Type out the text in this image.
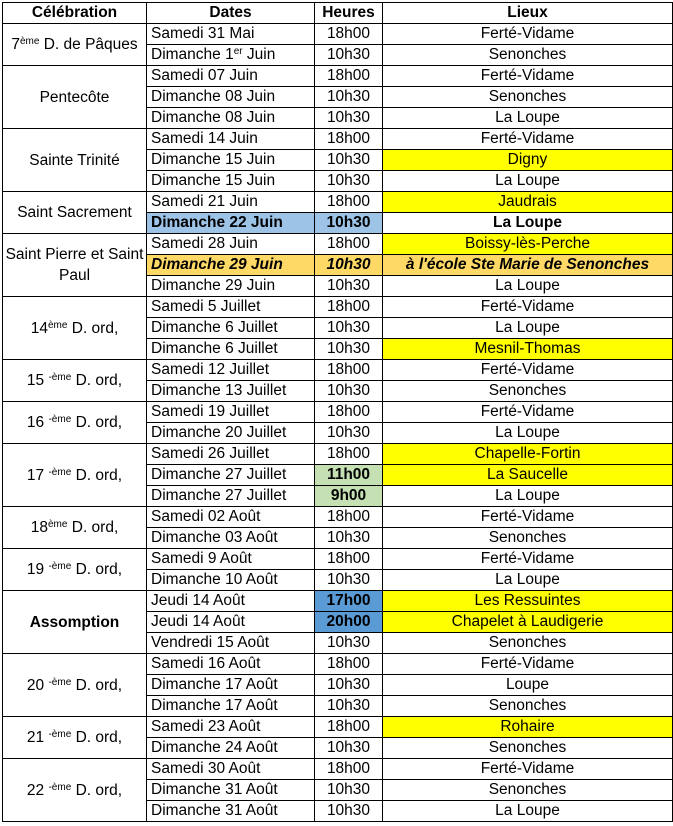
Célébration	Dates	Heures	Lieux
7ème D. de Pâques	Samedi 31 Mai	18h00	Ferté-Vidame
	Dimanche 1er Juin	10h30	Senonches
Pentecôte	Samedi 07 Juin	18h00	Ferté-Vidame
	Dimanche 08 Juin	10h30	Senonches
	Dimanche 08 Juin	10h30	La Loupe
Sainte Trinité	Samedi 14 Juin	18h00	Ferté-Vidame
	Dimanche 15 Juin	10h30	Digny
	Dimanche 15 Juin	10h30	La Loupe
Saint Sacrement	Samedi 21 Juin	18h00	Jaudrais
	Dimanche 22 Juin	10h30	La Loupe
Saint Pierre et Saint Paul	Samedi 28 Juin	18h00	Boissy-lès-Perche
	Dimanche 29 Juin	10h30	à l'école Ste Marie de Senonches
	Dimanche 29 Juin	10h30	La Loupe
14ème D. ord,	Samedi 5 Juillet	18h00	Ferté-Vidame
	Dimanche 6 Juillet	10h30	La Loupe
	Dimanche 6 Juillet	10h30	Mesnil-Thomas
15 $^{-ème}$ D. ord,	Samedi 12 Juillet	18h00	Ferté-Vidame
	Dimanche 13 Juillet	10h30	Senonches
16 $^{-ème}$ D. ord,	Samedi 19 Juillet	18h00	Ferté-Vidame
	Dimanche 20 Juillet	10h30	La Loupe
17 $^{-ème}$ D. ord,	Samedi 26 Juillet	18h00	Chapelle-Fortin
	Dimanche 27 Juillet	11h00	La Saucelle
	Dimanche 27 Juillet	9h00	La Loupe
18ème D. ord,	Samedi 02 Août	18h00	Ferté-Vidame
	Dimanche 03 Août	10h30	Senonches
19 $^{-ème}$ D. ord,	Samedi 9 Août	18h00	Ferté-Vidame
	Dimanche 10 Août	10h30	La Loupe
Assomption	Jeudi 14 Août	17h00	Les Ressuintes
	Jeudi 14 Août	20h00	Chapelet à Laudigerie
	Vendredi 15 Août	10h30	Senonches
20 $^{-ème}$ D. ord,	Samedi 16 Août	18h00	Ferté-Vidame
	Dimanche 17 Août	10h30	Loupe
	Dimanche 17 Août	10h30	Senonches
21 $^{-ème}$ D. ord,	Samedi 23 Août	18h00	Rohaire
	Dimanche 24 Août	10h30	Senonches
22 $^{-ème}$ D. ord,	Samedi 30 Août	18h00	Ferté-Vidame
	Dimanche 31 Août	10h30	Senonches
	Dimanche 31 Août	10h30	La Loupe
